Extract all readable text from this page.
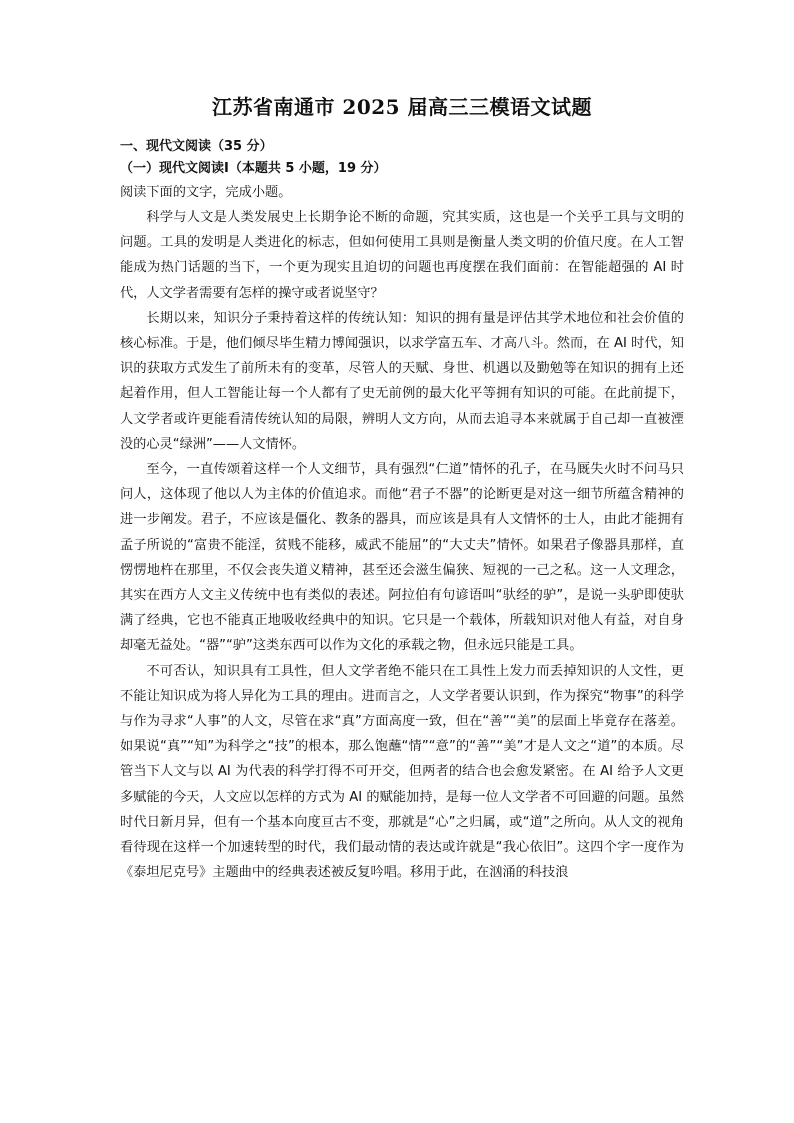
江苏省南通市 2025 届高三三模语文试题

一、现代文阅读（35 分）

（一）现代文阅读Ⅰ（本题共 5 小题，19 分）

阅读下面的文字，完成小题。

科学与人文是人类发展史上长期争论不断的命题，究其实质，这也是一个关乎工具与文明的问题。工具的发明是人类进化的标志，但如何使用工具则是衡量人类文明的价值尺度。在人工智能成为热门话题的当下，一个更为现实且迫切的问题也再度摆在我们面前：在智能超强的 AI 时代，人文学者需要有怎样的操守或者说坚守？

长期以来，知识分子秉持着这样的传统认知：知识的拥有量是评估其学术地位和社会价值的核心标准。于是，他们倾尽毕生精力博闻强识，以求学富五车、才高八斗。然而，在 AI 时代，知识的获取方式发生了前所未有的变革，尽管人的天赋、身世、机遇以及勤勉等在知识的拥有上还起着作用，但人工智能让每一个人都有了史无前例的最大化平等拥有知识的可能。在此前提下，人文学者或许更能看清传统认知的局限，辨明人文方向，从而去追寻本来就属于自己却一直被湮没的心灵“绿洲”——人文情怀。

至今，一直传颂着这样一个人文细节，具有强烈“仁道”情怀的孔子，在马厩失火时不问马只问人，这体现了他以人为主体的价值追求。而他“君子不器”的论断更是对这一细节所蕴含精神的进一步阐发。君子，不应该是僵化、教条的器具，而应该是具有人文情怀的士人，由此才能拥有孟子所说的“富贵不能淫，贫贱不能移，威武不能屈”的“大丈夫”情怀。如果君子像器具那样，直愣愣地杵在那里，不仅会丧失道义精神，甚至还会滋生偏狭、短视的一己之私。这一人文理念，其实在西方人文主义传统中也有类似的表述。阿拉伯有句谚语叫“驮经的驴”，是说一头驴即使驮满了经典，它也不能真正地吸收经典中的知识。它只是一个载体，所载知识对他人有益，对自身却毫无益处。“器”“驴”这类东西可以作为文化的承载之物，但永远只能是工具。

不可否认，知识具有工具性，但人文学者绝不能只在工具性上发力而丢掉知识的人文性，更不能让知识成为将人异化为工具的理由。进而言之，人文学者要认识到，作为探究“物事”的科学与作为寻求“人事”的人文，尽管在求“真”方面高度一致，但在“善”“美”的层面上毕竟存在落差。如果说“真”“知”为科学之“技”的根本，那么饱蘸“情”“意”的“善”“美”才是人文之“道”的本质。尽管当下人文与以 AI 为代表的科学打得不可开交，但两者的结合也会愈发紧密。在 AI 给予人文更多赋能的今天，人文应以怎样的方式为 AI 的赋能加持，是每一位人文学者不可回避的问题。虽然时代日新月异，但有一个基本向度亘古不变，那就是“心”之归属，或“道”之所向。从人文的视角看待现在这样一个加速转型的时代，我们最动情的表达或许就是“我心依旧”。这四个字一度作为《泰坦尼克号》主题曲中的经典表述被反复吟唱。移用于此，在汹涌的科技浪
